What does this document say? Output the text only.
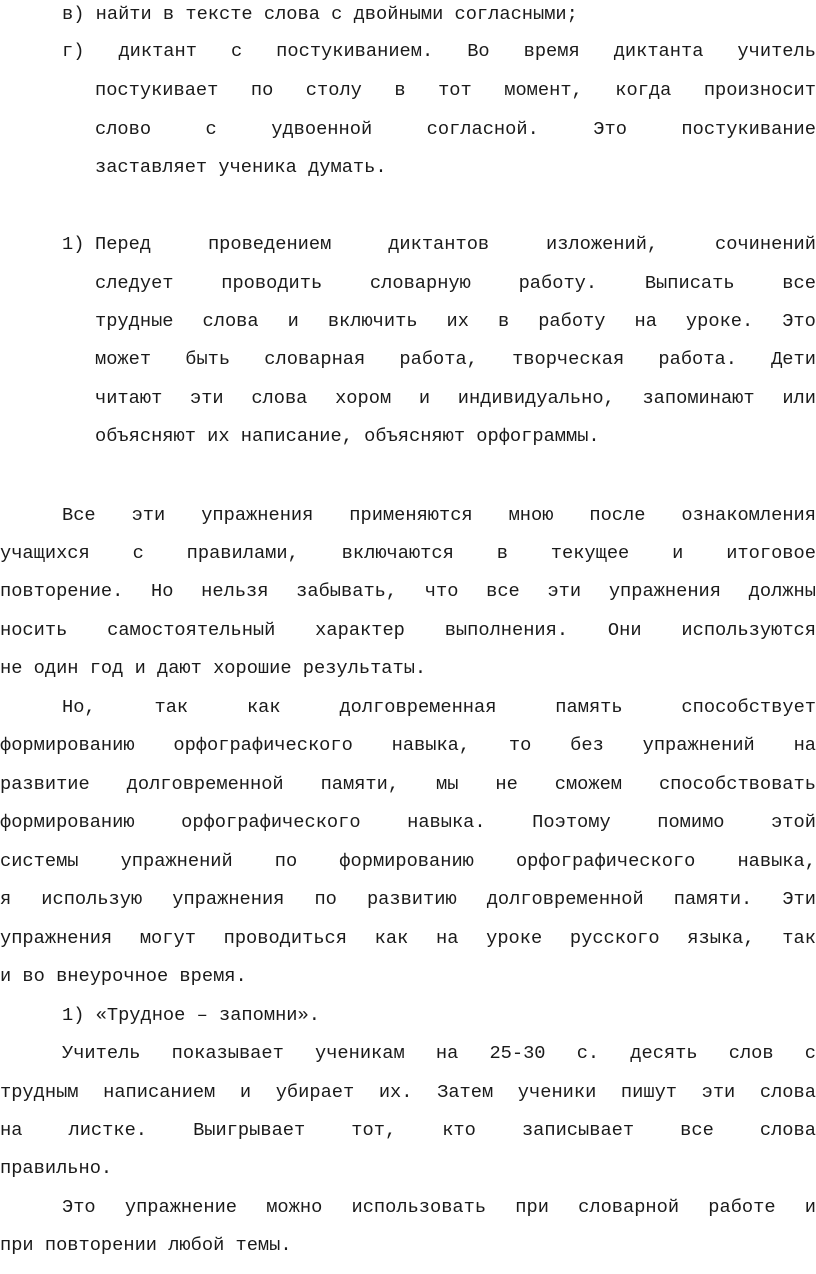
в) найти в тексте слова с двойными согласными;
г) диктант с постукиванием. Во время диктанта учитель
постукивает по столу в тот момент, когда произносит
слово	с	удвоенной	согласной.	Это	постукивание
заставляет ученика думать.
1) Перед	проведением	диктантов	изложений,	сочинений
следует	проводить	словарную	работу.	Выписать	все
трудные слова и включить их в работу на уроке. Это
может быть словарная работа, творческая работа. Дети
читают эти слова хором и индивидуально, запоминают или
объясняют их написание, объясняют орфограммы.
Все эти упражнения применяются мною после ознакомления
учащихся с правилами, включаются в текущее и итоговое
повторение. Но нельзя забывать, что все эти упражнения должны
носить самостоятельный характер выполнения. Они используются
не один год и дают хорошие результаты.
Но,	так	как	долговременная	память	способствует
формированию орфографического навыка, то без упражнений на
развитие долговременной памяти, мы не сможем способствовать
формированию орфографического навыка. Поэтому помимо этой
системы упражнений по формированию орфографического навыка,
я использую упражнения по развитию долговременной памяти. Эти
упражнения могут проводиться как на уроке русского языка, так
и во внеурочное время.
1) «Трудное – запомни».
Учитель показывает ученикам на 25-30 с. десять слов с
трудным написанием и убирает их. Затем ученики пишут эти слова
на листке. Выигрывает тот, кто записывает все слова
правильно.
Это упражнение можно использовать при словарной работе и
при повторении любой темы.
